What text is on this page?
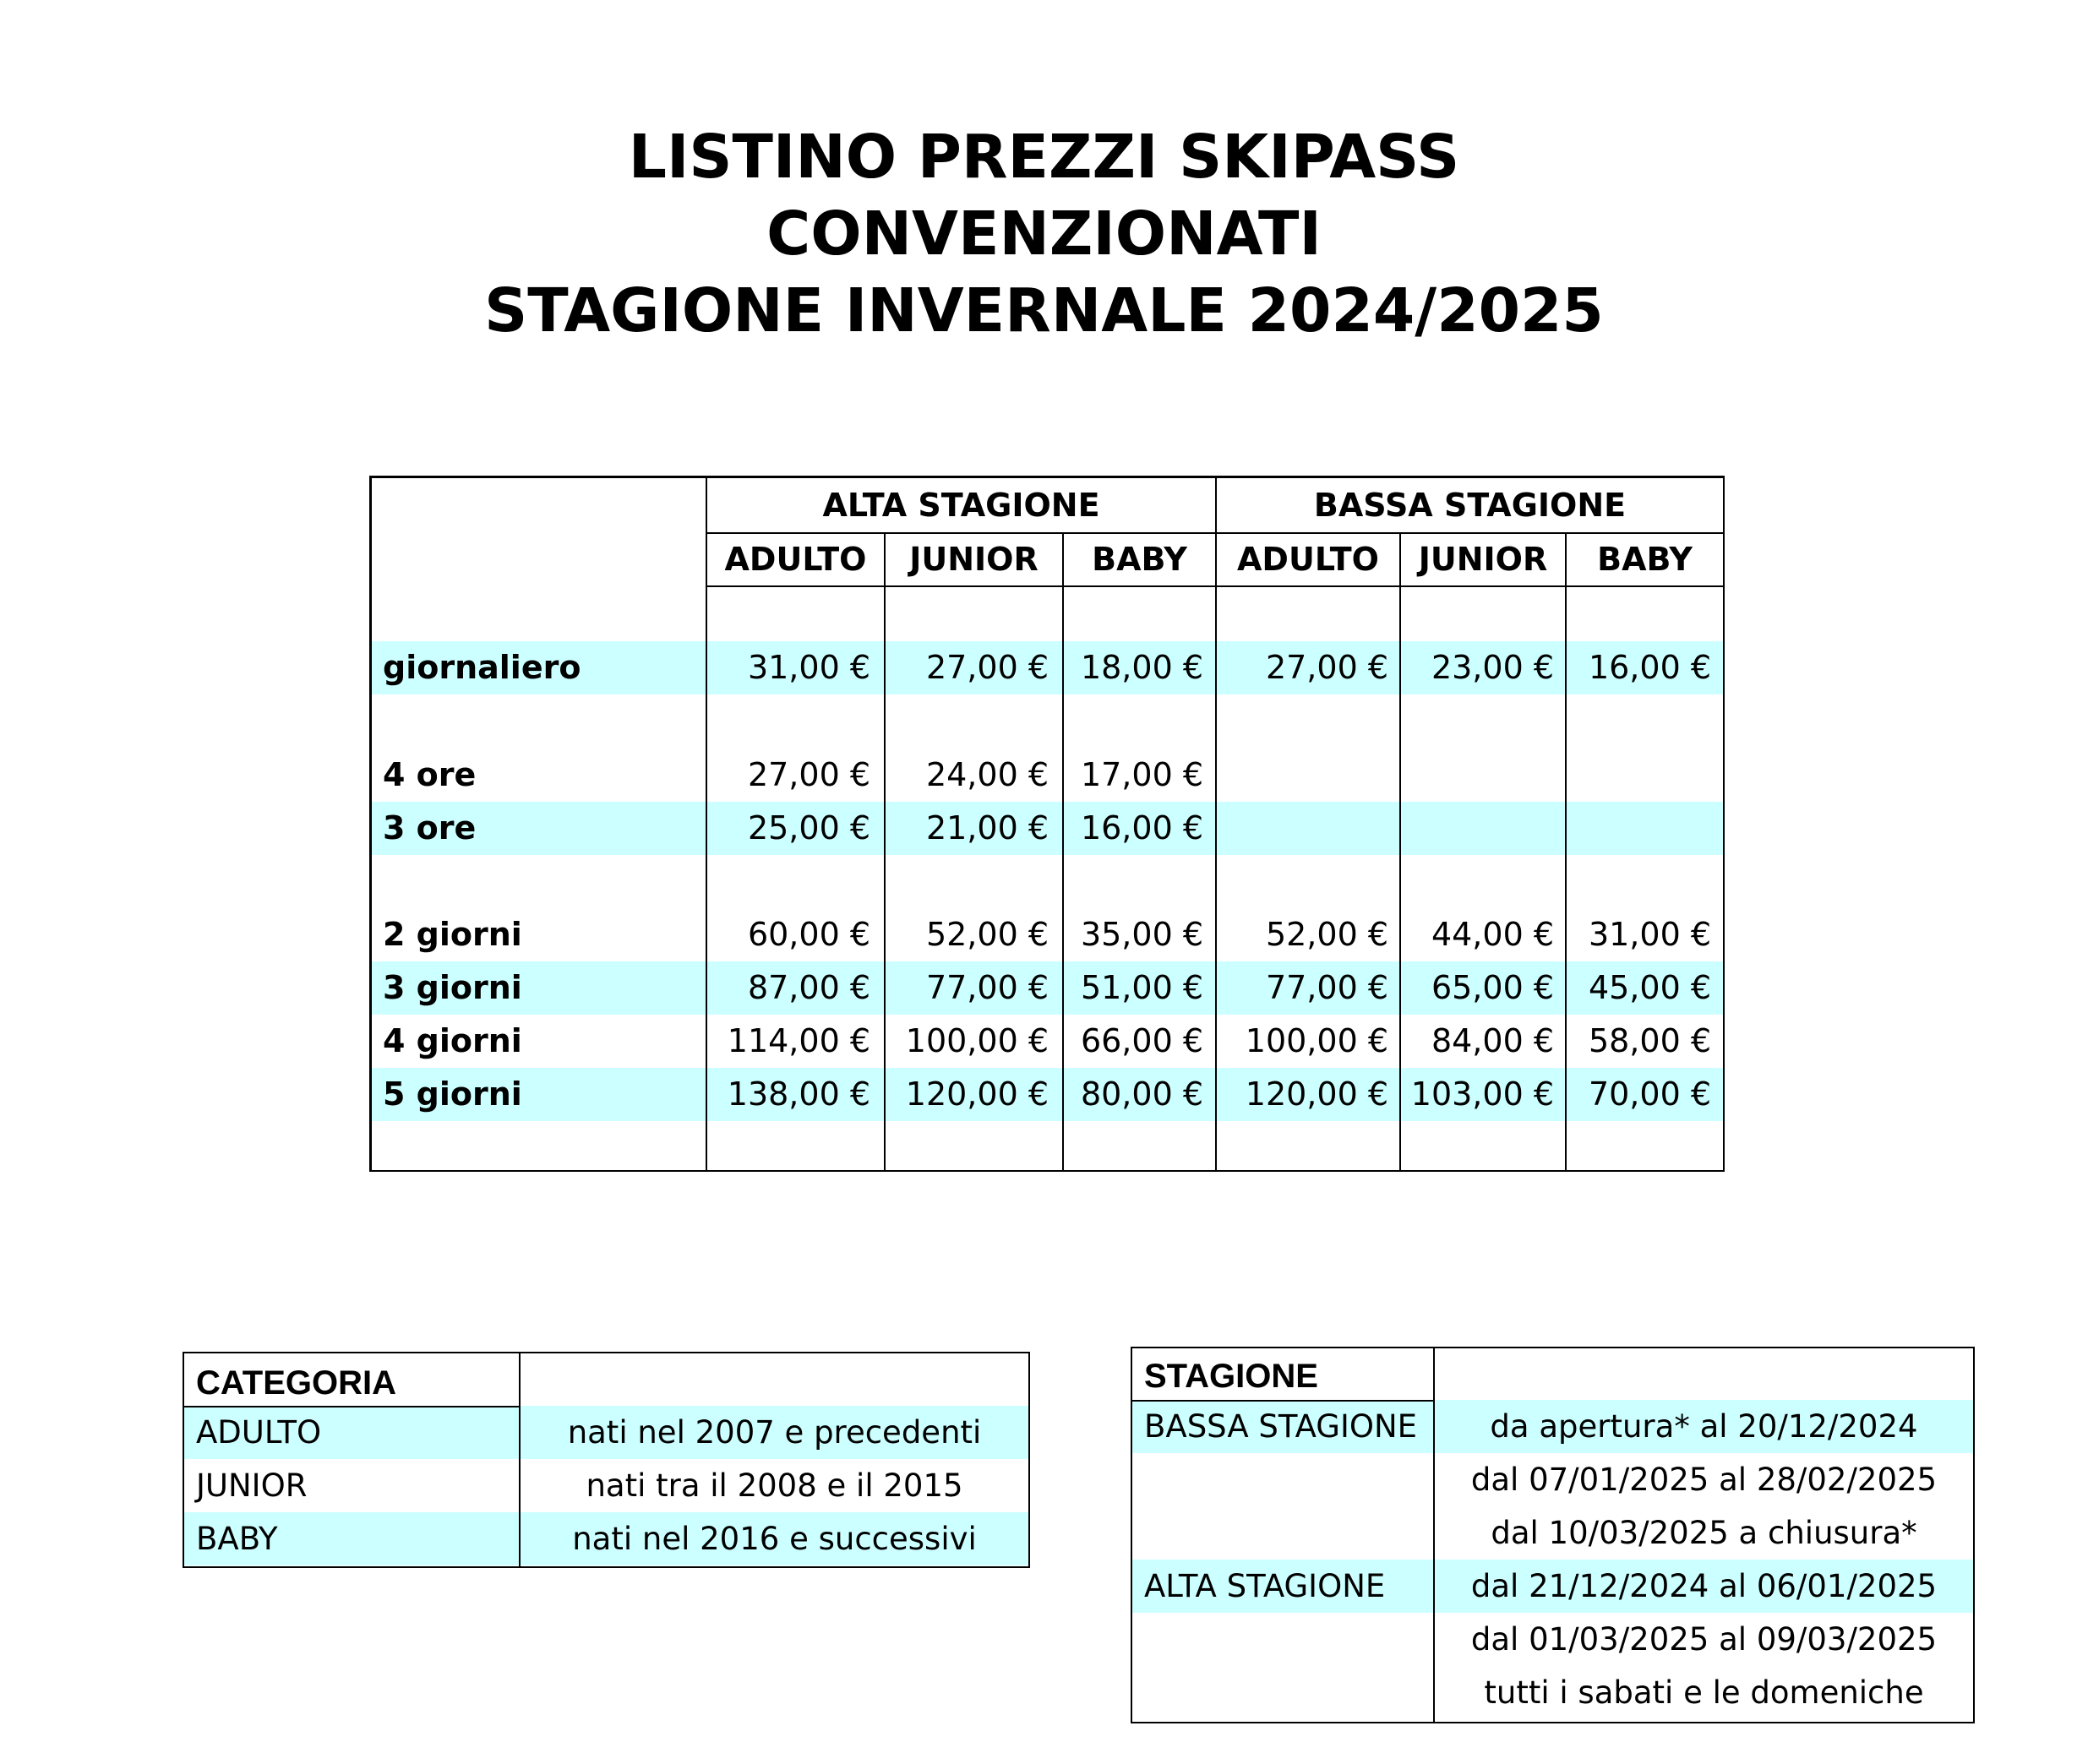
LISTINO PREZZI SKIPASS
CONVENZIONATI
STAGIONE INVERNALE 2024/2025
ALTA STAGIONE	BASSA STAGIONE
ADULTO	JUNIOR	BABY	ADULTO	JUNIOR	BABY
giornaliero	31,00 €	27,00 € 18,00 €	27,00 €	23,00 €	16,00 €
4 ore	27,00 €	24,00 € 17,00 €
3 ore	25,00 €	21,00 € 16,00 €
2 giorni	60,00 €	52,00 € 35,00 €	52,00 €	44,00 €	31,00 €
3 giorni	87,00 €	77,00 € 51,00 €	77,00 €	65,00 €	45,00 €
4 giorni	114,00 €	100,00 € 66,00 €	100,00 €	84,00 €	58,00 €
5 giorni	138,00 €	120,00 € 80,00 €	120,00 € 103,00 €	70,00 €
CATEGORIA
ADULTO	nati nel 2007 e precedenti
JUNIOR	nati tra il 2008 e il 2015
BABY	nati nel 2016 e successivi
STAGIONE
BASSA STAGIONE	da apertura* al 20/12/2024
dal 07/01/2025 al 28/02/2025
dal 10/03/2025 a chiusura*
ALTA STAGIONE	dal 21/12/2024 al 06/01/2025
dal 01/03/2025 al 09/03/2025
tutti i sabati e le domeniche
